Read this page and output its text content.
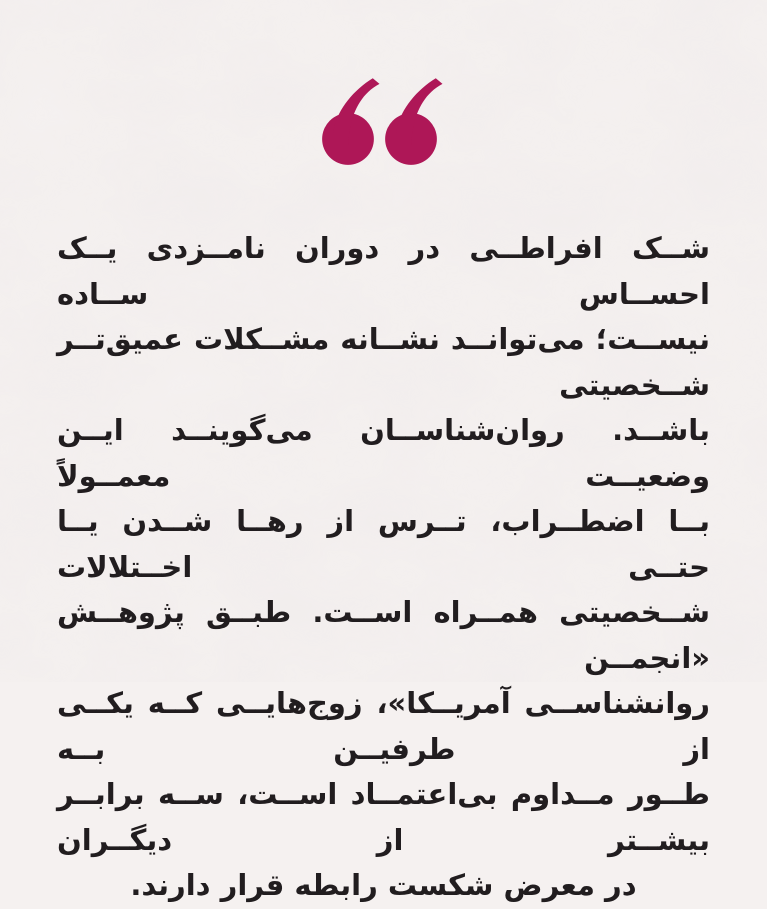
شــک افراطــی در دوران نامــزدی یــک احســاس ســاده

نیســت؛ می‌توانــد نشــانه مشــکلات عمیق‌تــر شــخصیتی

باشــد. روان‌شناســان می‌گوینــد ایــن وضعیــت معمــولاً

بــا اضطــراب، تــرس از رهــا شــدن یــا حتــی اخــتلالات

شــخصیتی همــراه اســت. طبــق پژوهــش «انجمــن

روانشناســی آمریــکا»، زوج‌هایــی کــه یکــی از طرفیــن بــه

طــور مــداوم بی‌اعتمــاد اســت، ســه برابــر بیشــتر از دیگــران

در معرض شکست رابطه قرار دارند.
